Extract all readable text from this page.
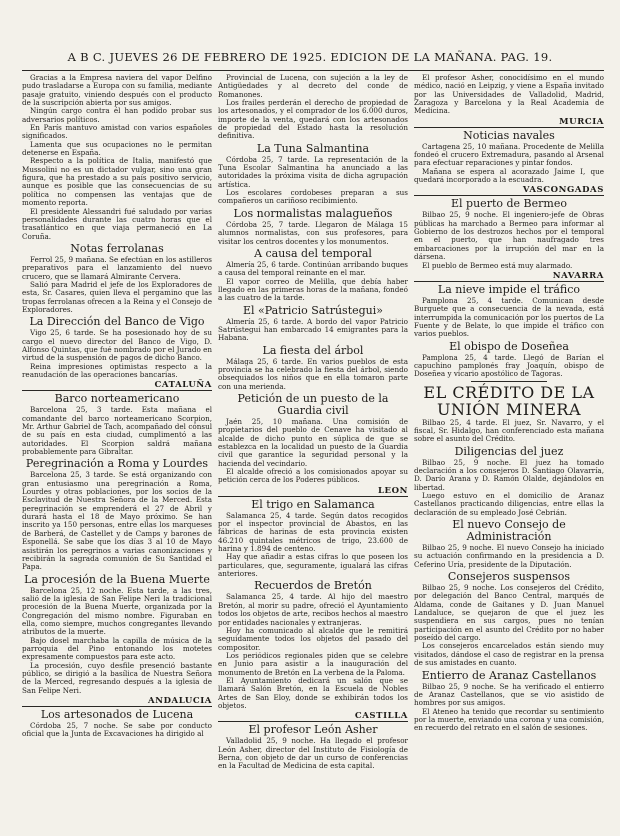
A B C. JUEVES 26 DE FEBRERO DE 1925. EDICION DE LA MAÑANA. PAG. 19.

Gracias a la Empresa naviera del vapor Delfino pudo trasladarse a Europa con su familia, mediante pasaje gratuito, viniendo después con el producto de la suscripción abierta por sus amigos.

Ningún cargo contra él han podido probar sus adversarios políticos.

En París mantuvo amistad con varios españoles significados.

Lamenta que sus ocupaciones no le permitan detenerse en España.

Respecto a la política de Italia, manifestó que Mussolini no es un dictador vulgar, sino una gran figura, que ha prestado a su país positivo servicio, aunque es posible que las consecuencias de su política no compensen las ventajas que de momento reporta.

El presidente Alessandri fué saludado por varias personalidades durante las cuatro horas que el trasatlántico en que viaja permaneció en La Coruña.

Notas ferrolanas

Ferrol 25, 9 mañana. Se efectúan en los astilleros preparativos para el lanzamiento del nuevo crucero, que se llamará Almirante Cervera.

Salió para Madrid el jefe de los Exploradores de esta, Sr. Casares, quien lleva el pergamino que las tropas ferrolanas ofrecen a la Reina y el Consejo de Exploradores.

La Dirección del Banco de Vigo

Vigo 25, 6 tarde. Se ha posesionado hoy de su cargo el nuevo director del Banco de Vigo, D. Alfonso Quintas, que fué nombrado por el Jurado en virtud de la suspensión de pagos de dicho Banco.

Reina impresiones optimistas respecto a la reanudación de las operaciones bancarias.

CATALUÑA
Barco norteamericano

Barcelona 25, 3 tarde. Esta mañana el comandante del barco norteamericano Scorpion, Mr. Arthur Gabriel de Tach, acompañado del cónsul de su país en esta ciudad, cumplimentó a las autoridades. El Scorpion saldrá mañana probablemente para Gibraltar.

Peregrinación a Roma y Lourdes

Barcelona 25, 3 tarde. Se está organizando con gran entusiasmo una peregrinación a Roma, Lourdes y otras poblaciones, por los socios de la Esclavitud de Nuestra Señora de la Merced. Esta peregrinación se emprenderá el 27 de Abril y durará hasta el 18 de Mayo próximo. Se han inscrito ya 150 personas, entre ellas los marqueses de Barberá, de Castellet y de Camps y barones de Esponellá. Se sabe que los días 3 al 10 de Mayo asistirán los peregrinos a varias canonizaciones y recibirán la sagrada comunión de Su Santidad el Papa.

La procesión de la Buena Muerte

Barcelona 25, 12 noche. Esta tarde, a las tres, salió de la iglesia de San Felipe Neri la tradicional procesión de la Buena Muerte, organizada por la Congregación del mismo nombre. Figuraban en ella, como siempre, muchos congregantes llevando atributos de la muerte.

Bajo dosel marchaba la capilla de música de la parroquia del Pino entonando los motetes expresamente compuestos para este acto.

La procesión, cuyo desfile presenció bastante público, se dirigió a la basílica de Nuestra Señora de la Merced, regresando después a la iglesia de San Felipe Neri.

ANDALUCIA
Los artesonados de Lucena

Córdoba 25, 7 noche. Se sabe por conducto oficial que la Junta de Excavaciones ha dirigido al

Provincial de Lucena, con sujeción a la ley de Antigüedades y al decreto del conde de Romanones.

Los frailes perderán el derecho de propiedad de los artesonados, y el comprador de los 6.000 duros, importe de la venta, quedará con los artesonados de propiedad del Estado hasta la resolución definitiva.

La Tuna Salmantina

Córdoba 25, 7 tarde. La representación de la Tuna Escolar Salmantina ha anunciado a las autoridades la próxima visita de dicha agrupación artística.

Los escolares cordobeses preparan a sus compañeros un cariñoso recibimiento.

Los normalistas malagueños

Córdoba 25, 7 tarde. Llegaron de Málaga 15 alumnos normalistas, con sus profesores, para visitar los centros docentes y los monumentos.

A causa del temporal

Almería 25, 6 tarde. Continúan arribando buques a causa del temporal reinante en el mar.

El vapor correo de Melilla, que debía haber llegado en las primeras horas de la mañana, fondeó a las cuatro de la tarde.

El «Patricio Satrústegui»

Almería 25, 6 tarde. A bordo del vapor Patricio Satrústegui han embarcado 14 emigrantes para la Habana.

La fiesta del árbol

Málaga 25, 6 tarde. En varios pueblos de esta provincia se ha celebrado la fiesta del árbol, siendo obsequiados los niños que en ella tomaron parte con una merienda.

Petición de un puesto de la Guardia civil

Jaén 25, 10 mañana. Una comisión de propietarios del pueblo de Cenave ha visitado al alcalde de dicho punto en súplica de que se establezca en la localidad un puesto de la Guardia civil que garantice la seguridad personal y la hacienda del vecindario.

El alcalde ofreció a los comisionados apoyar su petición cerca de los Poderes públicos.

LEON
El trigo en Salamanca

Salamanca 25, 4 tarde. Según datos recogidos por el inspector provincial de Abastos, en las fábricas de harinas de esta provincia existen 46.210 quintales métricos de trigo, 23.600 de harina y 1.894 de centeno.

Hay que añadir a estas cifras lo que poseen los particulares, que, seguramente, igualará las cifras anteriores.

Recuerdos de Bretón

Salamanca 25, 4 tarde. Al hijo del maestro Bretón, al morir su padre, ofreció el Ayuntamiento todos los objetos de arte, recibos hechos al maestro por entidades nacionales y extranjeras.

Hoy ha comunicado al alcalde que le remitirá seguidamente todos los objetos del pasado del compositor.

Los periódicos regionales piden que se celebre en Junio para asistir a la inauguración del monumento de Bretón en La verbena de la Paloma.

El Ayuntamiento dedicará un salón que se llamará Salón Bretón, en la Escuela de Nobles Artes de San Eloy, donde se exhibirán todos los objetos.

CASTILLA
El profesor León Asher

Valladolid 25, 9 noche. Ha llegado el profesor León Asher, director del Instituto de Fisiología de Berna, con objeto de dar un curso de conferencias en la Facultad de Medicina de esta capital.

El profesor Asher, conocidísimo en el mundo médico, nació en Leipzig, y viene a España invitado por las Universidades de Valladolid, Madrid, Zaragoza y Barcelona y la Real Academia de Medicina.

MURCIA
Noticias navales

Cartagena 25, 10 mañana. Procedente de Melilla fondeó el crucero Extremadura, pasando al Arsenal para efectuar reparaciones y pintar fondos.

Mañana se espera al acorazado Jaime I, que quedará incorporado a la escuadra.

VASCONGADAS
El puerto de Bermeo

Bilbao 25, 9 noche. El ingeniero-jefe de Obras públicas ha marchado a Bermeo para informar al Gobierno de los destrozos hechos por el temporal en el puerto, que han naufragado tres embarcaciones por la irrupción del mar en la dársena.

El pueblo de Bermeo está muy alarmado.

NAVARRA
La nieve impide el tráfico

Pamplona 25, 4 tarde. Comunican desde Burguete que a consecuencia de la nevada, está interrumpida la comunicación por los puertos de La Fuente y de Belate, lo que impide el tráfico con varios pueblos.

El obispo de Doseñea

Pamplona 25, 4 tarde. Llegó de Barían el capuchino pamplonés fray Joaquín, obispo de Doseñea y vicario apostólico de Tagoras.

EL CRÉDITO DE LA UNIÓN MINERA

Bilbao 25, 4 tarde. El juez, Sr. Navarro, y el fiscal, Sr. Hidalgo, han conferenciado esta mañana sobre el asunto del Crédito.

Diligencias del juez

Bilbao 25, 9 noche. El juez ha tomado declaración a los consejeros D. Santiago Olavarría, D. Darío Arana y D. Ramón Olalde, dejándolos en libertad.

Luego estuvo en el domicilio de Aranaz Castellanos practicando diligencias, entre ellas la declaración de su empleado José Cebrián.

El nuevo Consejo de Administración

Bilbao 25, 9 noche. El nuevo Consejo ha iniciado su actuación confirmando en la presidencia a D. Ceferino Uría, presidente de la Diputación.

Consejeros suspensos

Bilbao 25, 9 noche. Los consejeros del Crédito, por delegación del Banco Central, marqués de Aldama, conde de Gaitanes y D. Juan Manuel Landaluce, se quejaron de que el juez les suspendiera en sus cargos, pues no tenían participación en el asunto del Crédito por no haber poseído del cargo.

Los consejeros encarcelados están siendo muy visitados, dándose el caso de registrar en la prensa de sus amistades en cuanto.

Entierro de Aranaz Castellanos

Bilbao 25, 9 noche. Se ha verificado el entierro de Aranaz Castellanos, que se vio asistido de hombres por sus amigos.

El Ateneo ha tenido que recordar su sentimiento por la muerte, enviando una corona y una comisión, en recuerdo del retrato en el salón de sesiones.
